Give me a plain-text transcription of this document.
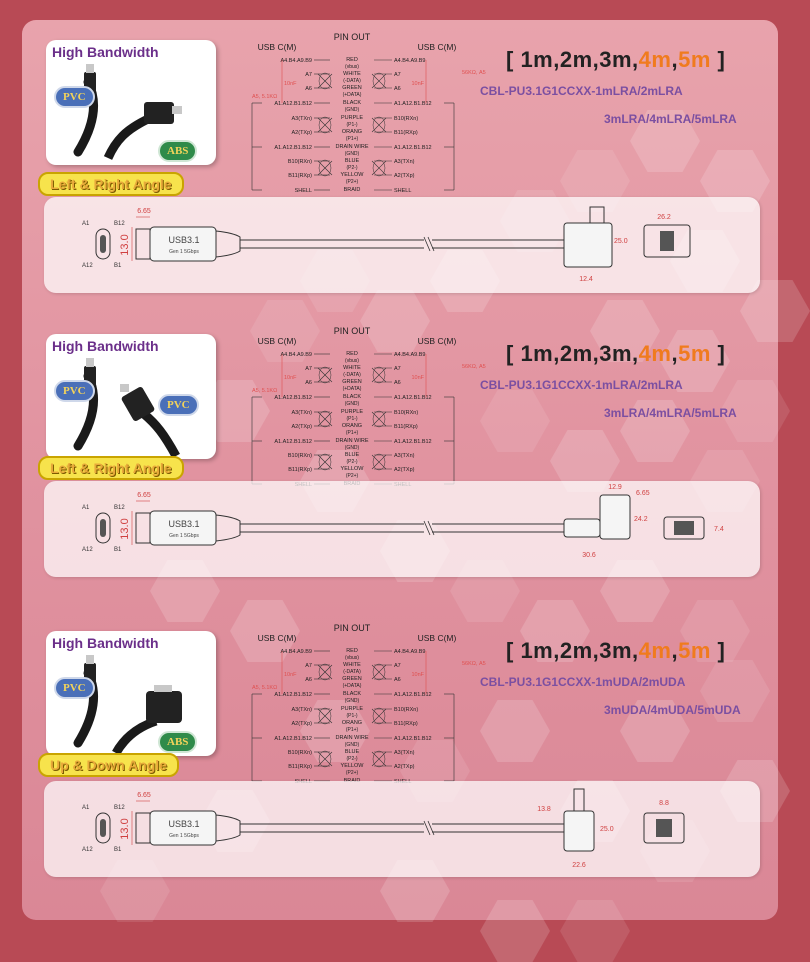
High Bandwidth
PVC
ABS
Left & Right Angle
PIN OUT
USB C(M)	USB C(M)
A4.B4.A9.B9	A4.B4.A9.B9
RED
(vbus)
A7	A7
WHITE
(-DATA)
A6	A6
GREEN
(+DATA)
A1.A12.B1.B12	A1.A12.B1.B12
BLACK
(GND)
A3(TXn)	B10(RXn)
PURPLE
(P1-)
A2(TXp)	B11(RXp)
ORANG
(P1+)
A1.A12.B1.B12	A1.A12.B1.B12
DRAIN WIRE
(GND)
B10(RXn)	A3(TXn)
BLUE
(P2-)
B11(RXp)	A2(TXp)
YELLOW
(P2+)
SHELL	SHELL
BRAID
10nF	10nF
A5, 5.1KΩ
56KΩ, A5
[ 1m,2m,3m,4m,5m ]
CBL-PU3.1G1CCXX-1mLRA/2mLRA
3mLRA/4mLRA/5mLRA
A1	B12
A12	B1
USB3.1
Gen 1 5Gbps
6.65
13.0	25.0
12.4
26.2
High Bandwidth
PVC
PVC
Left & Right Angle
PIN OUT
USB C(M)	USB C(M)
A4.B4.A9.B9	A4.B4.A9.B9
RED
(vbus)
A7	A7
WHITE
(-DATA)
A6	A6
GREEN
(+DATA)
A1.A12.B1.B12	A1.A12.B1.B12
BLACK
(GND)
A3(TXn)	B10(RXn)
PURPLE
(P1-)
A2(TXp)	B11(RXp)
ORANG
(P1+)
A1.A12.B1.B12	A1.A12.B1.B12
DRAIN WIRE
(GND)
B10(RXn)	A3(TXn)
BLUE
(P2-)
B11(RXp)	A2(TXp)
YELLOW
(P2+)
10nF	10nF
A5, 5.1KΩ
56KΩ, A5
[ 1m,2m,3m,4m,5m ]
CBL-PU3.1G1CCXX-1mLRA/2mLRA
3mLRA/4mLRA/5mLRA
A1	B12
A12	B1
USB3.1
Gen 1 5Gbps
6.65
13.0
12.9
6.65
24.2
30.6
7.4
High Bandwidth
PVC
ABS
Up & Down Angle
PIN OUT
USB C(M)	USB C(M)
A4.B4.A9.B9	A4.B4.A9.B9
RED
(vbus)
A7	A7
WHITE
(-DATA)
A6	A6
GREEN
(+DATA)
A1.A12.B1.B12	A1.A12.B1.B12
BLACK
(GND)
A3(TXn)	B10(RXn)
PURPLE
(P1-)
A2(TXp)	B11(RXp)
ORANG
(P1+)
A1.A12.B1.B12	A1.A12.B1.B12
DRAIN WIRE
(GND)
B10(RXn)	A3(TXn)
BLUE
(P2-)
B11(RXp)	A2(TXp)
YELLOW
(P2+)
10nF	10nF
A5, 5.1KΩ
56KΩ, A5
[ 1m,2m,3m,4m,5m ]
CBL-PU3.1G1CCXX-1mUDA/2mUDA
3mUDA/4mUDA/5mUDA
A1	B12
A12	B1
USB3.1
Gen 1 5Gbps
6.65
13.0
13.8
25.0
22.6
8.8
